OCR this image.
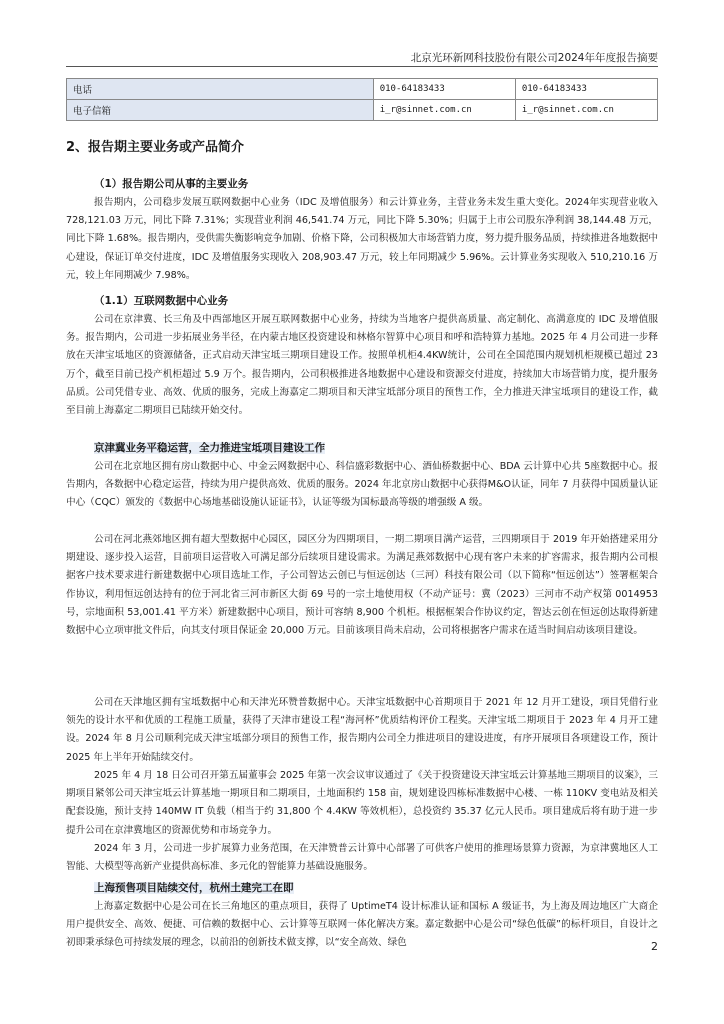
北京光环新网科技股份有限公司2024年年度报告摘要
电话	010-64183433	010-64183433
电子信箱	i_r@sinnet.com.cn	i_r@sinnet.com.cn
2、报告期主要业务或产品简介
（1）报告期公司从事的主要业务

报告期内，公司稳步发展互联网数据中心业务（IDC 及增值服务）和云计算业务，主营业务未发生重大变化。2024年实现营业收入 728,121.03 万元，同比下降 7.31%；实现营业利润 46,541.74 万元，同比下降 5.30%；归属于上市公司股东净利润 38,144.48 万元，同比下降 1.68%。报告期内，受供需失衡影响竞争加剧、价格下降，公司积极加大市场营销力度，努力提升服务品质，持续推进各地数据中心建设，保证订单交付进度，IDC 及增值服务实现收入 208,903.47 万元，较上年同期减少 5.96%。云计算业务实现收入 510,210.16 万元，较上年同期减少 7.98%。

（1.1）互联网数据中心业务

公司在京津冀、长三角及中西部地区开展互联网数据中心业务，持续为当地客户提供高质量、高定制化、高満意度的 IDC 及增值服务。报告期内，公司进一步拓展业务半径，在内蒙古地区投资建设和林格尔智算中心项目和呼和浩特算力基地。2025 年 4 月公司进一步释放在天津宝坻地区的资源储备，正式启动天津宝坻三期项目建设工作。按照单机柜4.4KW统计，公司在全国范围内规划机柜规模已超过 23 万个，截至目前已投产机柜超过 5.9 万个。报告期内，公司积极推进各地数据中心建设和资源交付进度，持续加大市场营销力度，提升服务品质。公司凭借专业、高效、优质的服务，完成上海嘉定二期项目和天津宝坻部分项目的预售工作，全力推进天津宝坻项目的建设工作，截至目前上海嘉定二期项目已陆续开始交付。

京津冀业务平稳运营，全力推进宝坻项目建设工作

公司在北京地区拥有房山数据中心、中金云网数据中心、科信盛彩数据中心、酒仙桥数据中心、BDA 云计算中心共 5座数据中心。报告期内，各数据中心稳定运营，持续为用户提供高效、优质的服务。2024 年北京房山数据中心获得M&O认证，同年 7 月获得中国质量认证中心（CQC）颁发的《数据中心场地基础设施认证证书》，认证等级为国标最高等级的增强级 A 级。

公司在河北燕郊地区拥有超大型数据中心园区，园区分为四期项目，一期二期项目满产运营，三四期项目于 2019 年开始搭建采用分期建设、逐步投入运营，目前项目运营收入可满足部分后续项目建设需求。为满足燕郊数据中心现有客户未来的扩容需求，报告期内公司根据客户技术要求进行新建数据中心项目选址工作，子公司智达云创已与恒远创达（三河）科技有限公司（以下简称“恒远创达”）签署框架合作协议，利用恒远创达持有的位于河北省三河市新区大街 69 号的一宗土地使用权（不动产证号：冀（2023）三河市不动产权第 0014953 号，宗地面积 53,001.41 平方米）新建数据中心项目，预计可容纳 8,900 个机柜。根据框架合作协议约定，智达云创在恒远创达取得新建数据中心立项审批文件后，向其支付项目保证金 20,000 万元。目前该项目尚未启动，公司将根据客户需求在适当时间启动该项目建设。

公司在天津地区拥有宝坻数据中心和天津光环赞普数据中心。天津宝坻数据中心首期项目于 2021 年 12 月开工建设，项目凭借行业领先的设计水平和优质的工程施工质量，获得了天津市建设工程“海河杯”优质结构评价工程奖。天津宝坻二期项目于 2023 年 4 月开工建设。2024 年 8 月公司顺利完成天津宝坻部分项目的预售工作，报告期内公司全力推进项目的建设进度，有序开展项目各项建设工作，预计 2025 年上半年开始陆续交付。

2025 年 4 月 18 日公司召开第五届董事会 2025 年第一次会议审议通过了《关于投资建设天津宝坻云计算基地三期项目的议案》，三期项目紧邻公司天津宝坻云计算基地一期项目和二期项目，土地面积约 158 亩，规划建设四栋标准数据中心楼、一栋 110KV 变电站及相关配套设施，预计支持 140MW IT 负载（相当于约 31,800 个 4.4KW 等效机柜），总投资约 35.37 亿元人民币。项目建成后将有助于进一步提升公司在京津冀地区的资源优势和市场竞争力。

2024 年 3 月，公司进一步扩展算力业务范围，在天津赞普云计算中心部署了可供客户使用的推理场景算力资源，为京津冀地区人工智能、大模型等高新产业提供高标准、多元化的智能算力基础设施服务。

上海预售项目陆续交付，杭州土建完工在即

上海嘉定数据中心是公司在长三角地区的重点项目，获得了 UptimeT4 设计标准认证和国标 A 级证书，为上海及周边地区广大商企用户提供安全、高效、便捷、可信赖的数据中心、云计算等互联网一体化解决方案。嘉定数据中心是公司“绿色低碳”的标杆项目，自设计之初即秉承绿色可持续发展的理念，以前沿的创新技术做支撑，以“安全高效、绿色	2
